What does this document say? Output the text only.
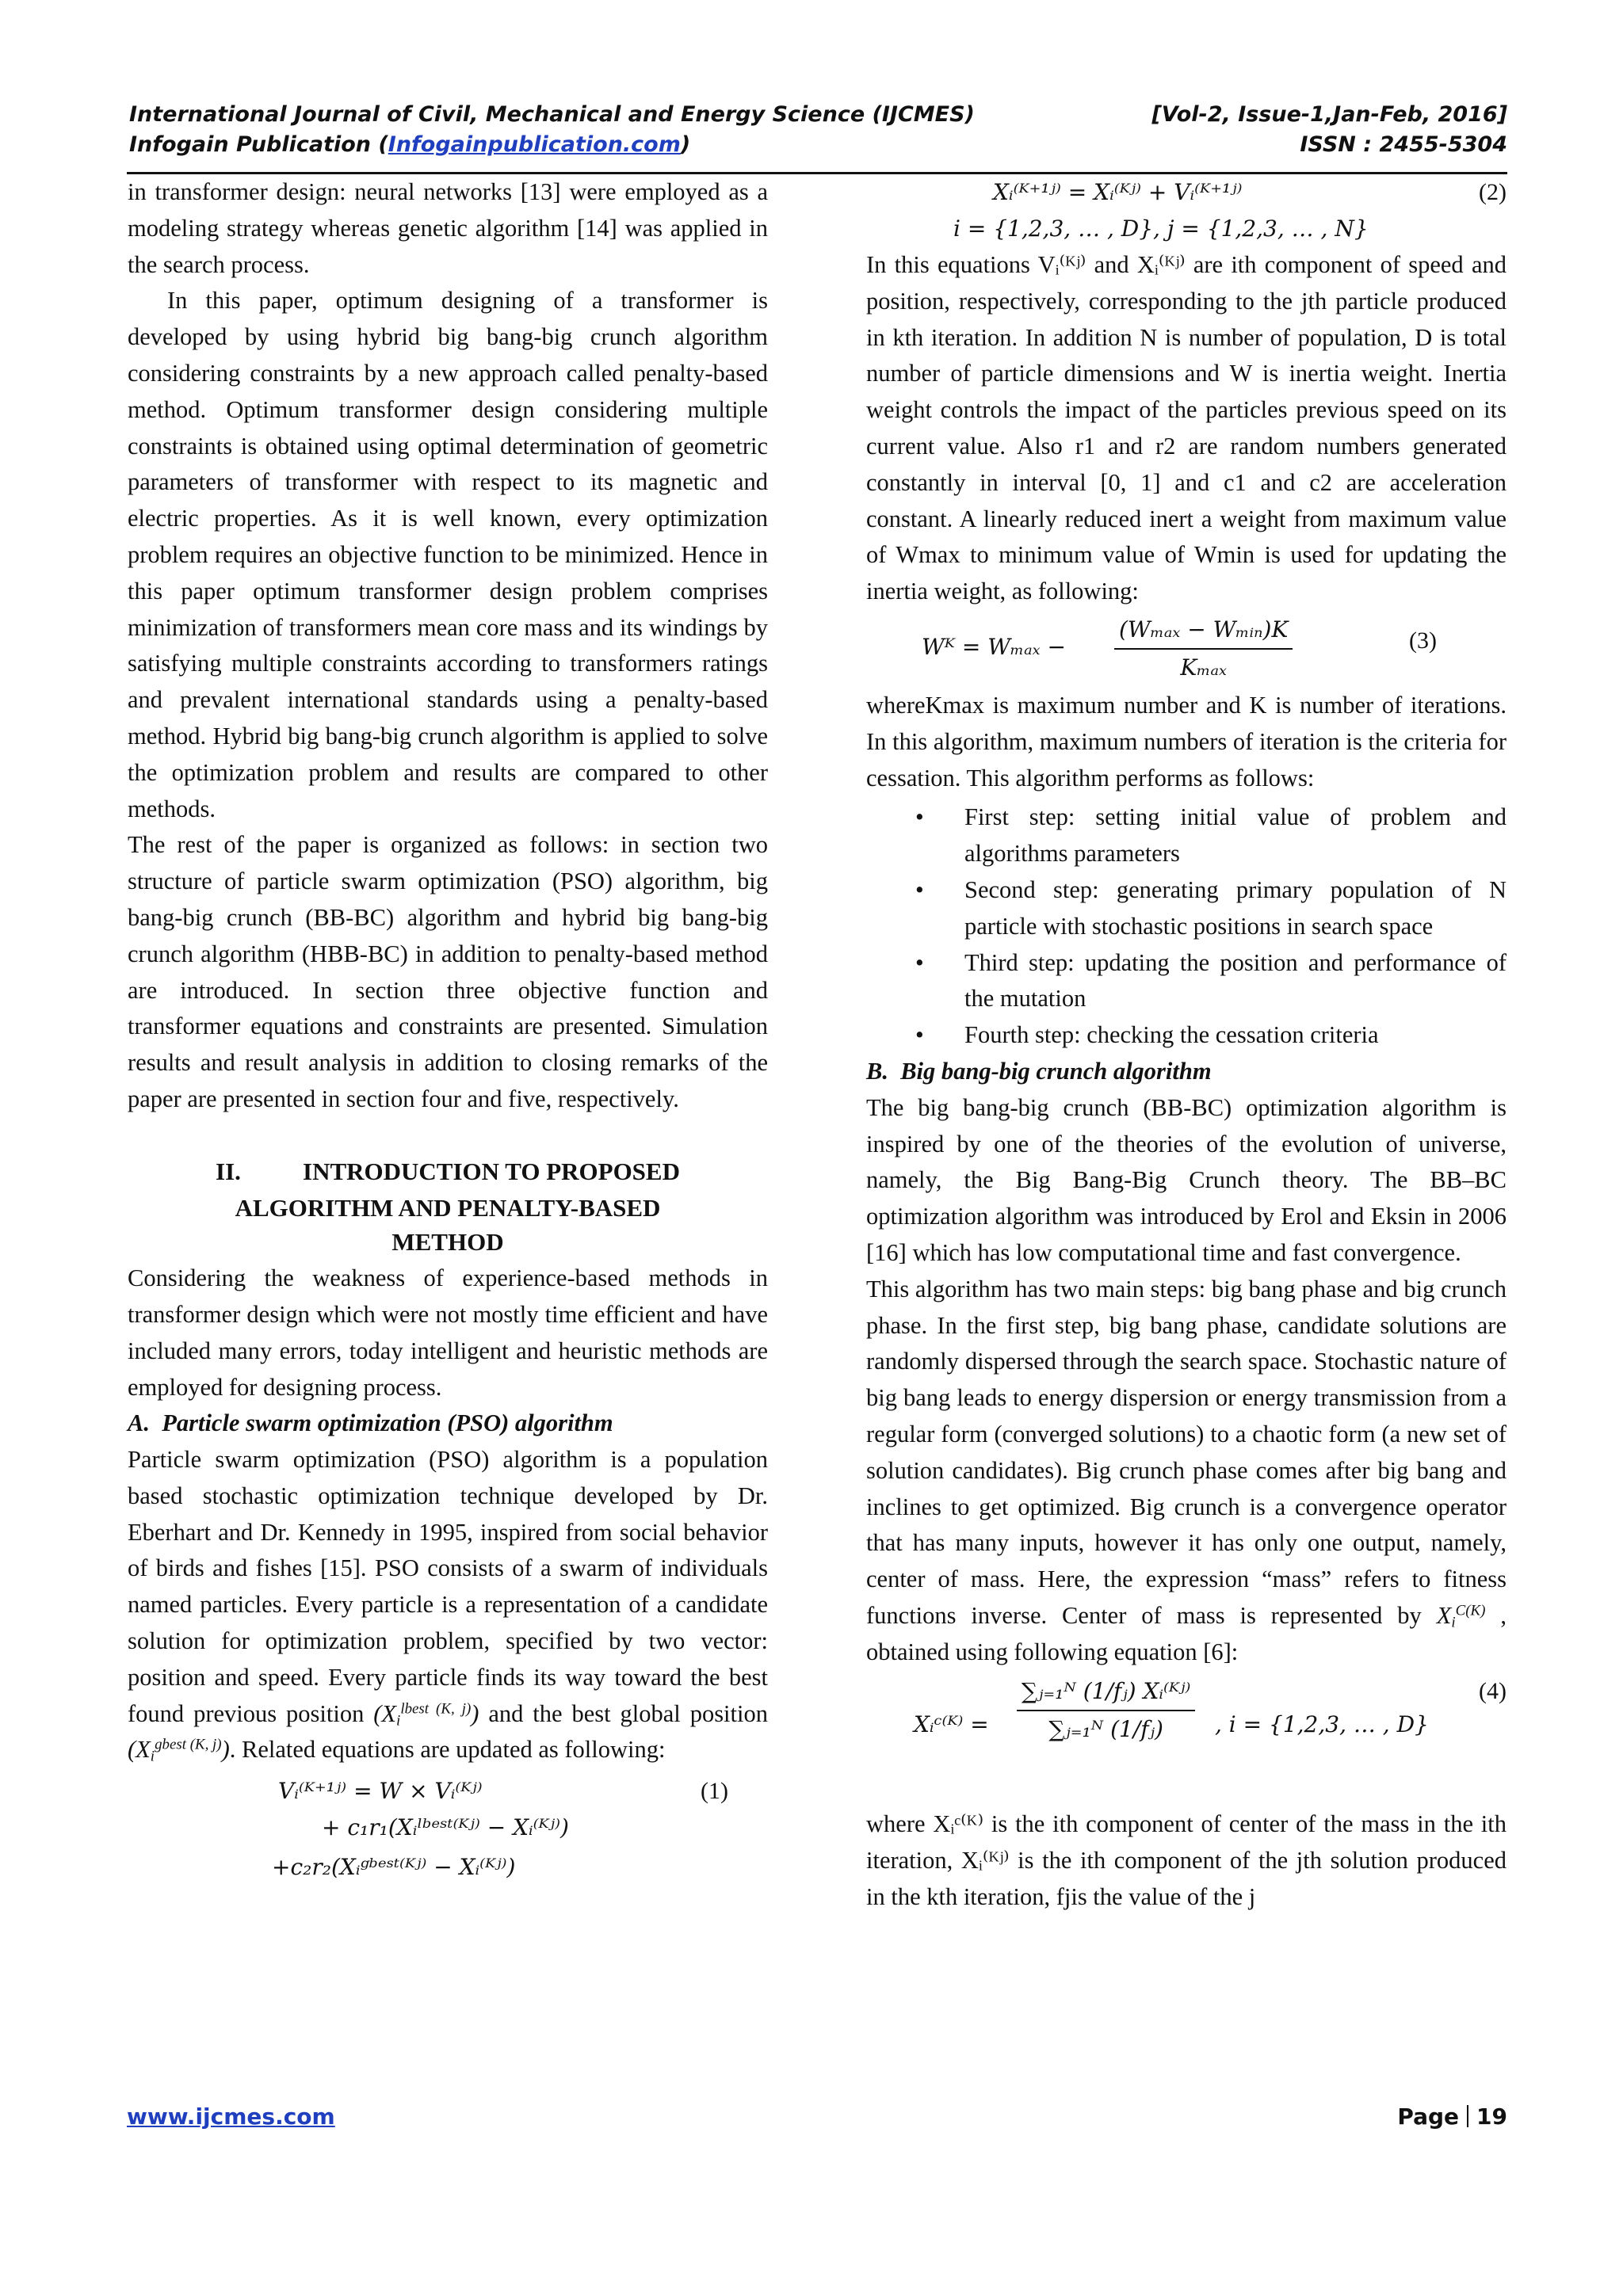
International Journal of Civil, Mechanical and Energy Science (IJCMES)	[Vol-2, Issue-1,Jan-Feb, 2016]
Infogain Publication (Infogainpublication.com)	ISSN : 2455-5304

in transformer design: neural networks [13] were employed as a modeling strategy whereas genetic algorithm [14] was applied in the search process.

In this paper, optimum designing of a transformer is developed by using hybrid big bang-big crunch algorithm considering constraints by a new approach called penalty-based method. Optimum transformer design considering multiple constraints is obtained using optimal determination of geometric parameters of transformer with respect to its magnetic and electric properties. As it is well known, every optimization problem requires an objective function to be minimized. Hence in this paper optimum transformer design problem comprises minimization of transformers mean core mass and its windings by satisfying multiple constraints according to transformers ratings and prevalent international standards using a penalty-based method. Hybrid big bang-big crunch algorithm is applied to solve the optimization problem and results are compared to other methods.

The rest of the paper is organized as follows: in section two structure of particle swarm optimization (PSO) algorithm, big bang-big crunch (BB-BC) algorithm and hybrid big bang-big crunch algorithm (HBB-BC) in addition to penalty-based method are introduced. In section three objective function and transformer equations and constraints are presented. Simulation results and result analysis in addition to closing remarks of the paper are presented in section four and five, respectively.

II.	INTRODUCTION TO PROPOSED
ALGORITHM AND PENALTY-BASED
METHOD

Considering the weakness of experience-based methods in transformer design which were not mostly time efficient and have included many errors, today intelligent and heuristic methods are employed for designing process.

A.  Particle swarm optimization (PSO) algorithm

Particle swarm optimization (PSO) algorithm is a population based stochastic optimization technique developed by Dr. Eberhart and Dr. Kennedy in 1995, inspired from social behavior of birds and fishes [15]. PSO consists of a swarm of individuals named particles. Every particle is a representation of a candidate solution for optimization problem, specified by two vector: position and speed. Every particle finds its way toward the best found previous position $(X_i^{lbest (K, j)})$ and the best global position $(X_i^{gbest (K, j)})$. Related equations are updated as following:

Vᵢ⁽ᴷ⁺¹ʲ⁾ = W × Vᵢ⁽ᴷʲ⁾
+ c₁r₁(Xᵢˡᵇᵉˢᵗ⁽ᴷʲ⁾ − Xᵢ⁽ᴷʲ⁾)
+c₂r₂(Xᵢᵍᵇᵉˢᵗ⁽ᴷʲ⁾ − Xᵢ⁽ᴷʲ⁾)
(1)
Xᵢ⁽ᴷ⁺¹ʲ⁾ = Xᵢ⁽ᴷʲ⁾ + Vᵢ⁽ᴷ⁺¹ʲ⁾
i = {1,2,3, … , D}, j = {1,2,3, … , N}
(2)

In this equations Vᵢ⁽ᴷʲ⁾ and Xᵢ⁽ᴷʲ⁾ are ith component of speed and position, respectively, corresponding to the jth particle produced in kth iteration. In addition N is number of population, D is total number of particle dimensions and W is inertia weight. Inertia weight controls the impact of the particles previous speed on its current value. Also r1 and r2 are random numbers generated constantly in interval [0, 1] and c1 and c2 are acceleration constant. A linearly reduced inert a weight from maximum value of Wmax to minimum value of Wmin is used for updating the inertia weight, as following:

Wᴷ = Wₘₐₓ −
(Wₘₐₓ − Wₘᵢₙ)K
Kₘₐₓ
(3)

whereKmax is maximum number and K is number of iterations. In this algorithm, maximum numbers of iteration is the criteria for cessation. This algorithm performs as follows:

• First step: setting initial value of problem and algorithms parameters
• Second step: generating primary population of N particle with stochastic positions in search space
• Third step: updating the position and performance of the mutation
• Fourth step: checking the cessation criteria

B.  Big bang-big crunch algorithm

The big bang-big crunch (BB-BC) optimization algorithm is inspired by one of the theories of the evolution of universe, namely, the Big Bang-Big Crunch theory. The BB–BC optimization algorithm was introduced by Erol and Eksin in 2006 [16] which has low computational time and fast convergence.

This algorithm has two main steps: big bang phase and big crunch phase. In the first step, big bang phase, candidate solutions are randomly dispersed through the search space. Stochastic nature of big bang leads to energy dispersion or energy transmission from a regular form (converged solutions) to a chaotic form (a new set of solution candidates). Big crunch phase comes after big bang and inclines to get optimized. Big crunch is a convergence operator that has many inputs, however it has only one output, namely, center of mass. Here, the expression “mass” refers to fitness functions inverse. Center of mass is represented by $X_i^{C(K)}$ , obtained using following equation [6]:

Xᵢᶜ⁽ᴷ⁾ = $\frac{\text{∑ⱼ₌₁ᴺ (1/fⱼ) Xᵢ⁽ᴷʲ⁾}}{\text{∑ⱼ₌₁ᴺ (1/fⱼ)}}$ , i = {1,2,3, … , D}
(4)

where Xᵢᶜ⁽ᴷ⁾ is the ith component of center of the mass in the ith iteration, Xᵢ⁽ᴷʲ⁾ is the ith component of the jth solution produced in the kth iteration, fjis the value of the j

www.ijcmes.com	Page 19
